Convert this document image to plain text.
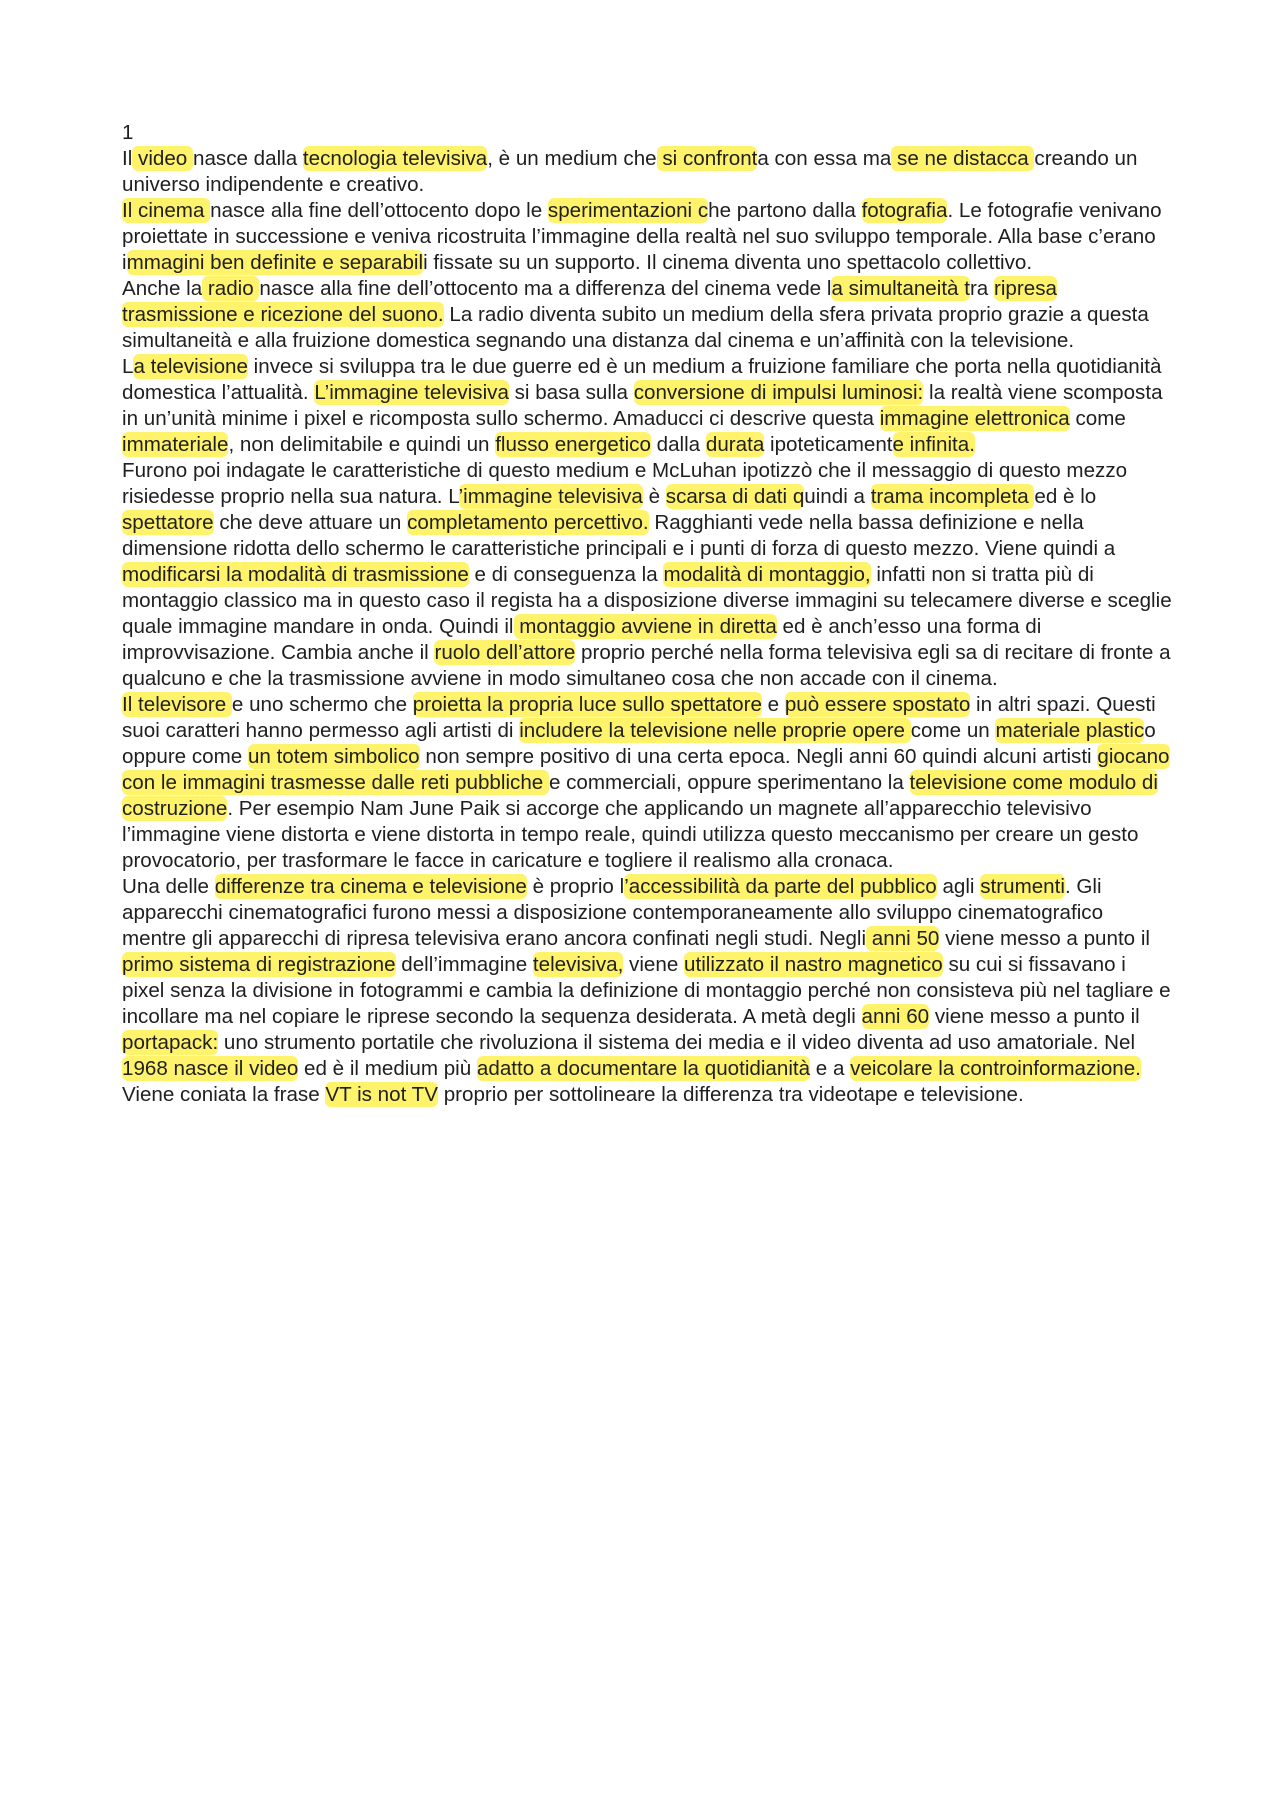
1

Il video nasce dalla tecnologia televisiva, è un medium che si confronta con essa ma se ne distacca creando un universo indipendente e creativo.

Il cinema nasce alla fine dell’ottocento dopo le sperimentazioni che partono dalla fotografia. Le fotografie venivano proiettate in successione e veniva ricostruita l’immagine della realtà nel suo sviluppo temporale. Alla base c’erano immagini ben definite e separabili fissate su un supporto. Il cinema diventa uno spettacolo collettivo.

Anche la radio nasce alla fine dell’ottocento ma a differenza del cinema vede la simultaneità tra ripresa trasmissione e ricezione del suono. La radio diventa subito un medium della sfera privata proprio grazie a questa simultaneità e alla fruizione domestica segnando una distanza dal cinema e un’affinità con la televisione.

La televisione invece si sviluppa tra le due guerre ed è un medium a fruizione familiare che porta nella quotidianità domestica l’attualità. L’immagine televisiva si basa sulla conversione di impulsi luminosi: la realtà viene scomposta in un’unità minime i pixel e ricomposta sullo schermo. Amaducci ci descrive questa immagine elettronica come immateriale, non delimitabile e quindi un flusso energetico dalla durata ipoteticamente infinita.

Furono poi indagate le caratteristiche di questo medium e McLuhan ipotizzò che il messaggio di questo mezzo risiedesse proprio nella sua natura. L’immagine televisiva è scarsa di dati quindi a trama incompleta ed è lo spettatore che deve attuare un completamento percettivo. Ragghianti vede nella bassa definizione e nella dimensione ridotta dello schermo le caratteristiche principali e i punti di forza di questo mezzo. Viene quindi a modificarsi la modalità di trasmissione e di conseguenza la modalità di montaggio, infatti non si tratta più di montaggio classico ma in questo caso il regista ha a disposizione diverse immagini su telecamere diverse e sceglie quale immagine mandare in onda. Quindi il montaggio avviene in diretta ed è anch’esso una forma di improvvisazione. Cambia anche il ruolo dell’attore proprio perché nella forma televisiva egli sa di recitare di fronte a qualcuno e che la trasmissione avviene in modo simultaneo cosa che non accade con il cinema.

Il televisore e uno schermo che proietta la propria luce sullo spettatore e può essere spostato in altri spazi. Questi suoi caratteri hanno permesso agli artisti di includere la televisione nelle proprie opere come un materiale plastico oppure come un totem simbolico non sempre positivo di una certa epoca. Negli anni 60 quindi alcuni artisti giocano con le immagini trasmesse dalle reti pubbliche e commerciali, oppure sperimentano la televisione come modulo di costruzione. Per esempio Nam June Paik si accorge che applicando un magnete all’apparecchio televisivo l’immagine viene distorta e viene distorta in tempo reale, quindi utilizza questo meccanismo per creare un gesto provocatorio, per trasformare le facce in caricature e togliere il realismo alla cronaca.

Una delle differenze tra cinema e televisione è proprio l’accessibilità da parte del pubblico agli strumenti. Gli apparecchi cinematografici furono messi a disposizione contemporaneamente allo sviluppo cinematografico mentre gli apparecchi di ripresa televisiva erano ancora confinati negli studi. Negli anni 50 viene messo a punto il primo sistema di registrazione dell’immagine televisiva, viene utilizzato il nastro magnetico su cui si fissavano i pixel senza la divisione in fotogrammi e cambia la definizione di montaggio perché non consisteva più nel tagliare e incollare ma nel copiare le riprese secondo la sequenza desiderata. A metà degli anni 60 viene messo a punto il portapack: uno strumento portatile che rivoluziona il sistema dei media e il video diventa ad uso amatoriale. Nel 1968 nasce il video ed è il medium più adatto a documentare la quotidianità e a veicolare la controinformazione. Viene coniata la frase VT is not TV proprio per sottolineare la differenza tra videotape e televisione.
